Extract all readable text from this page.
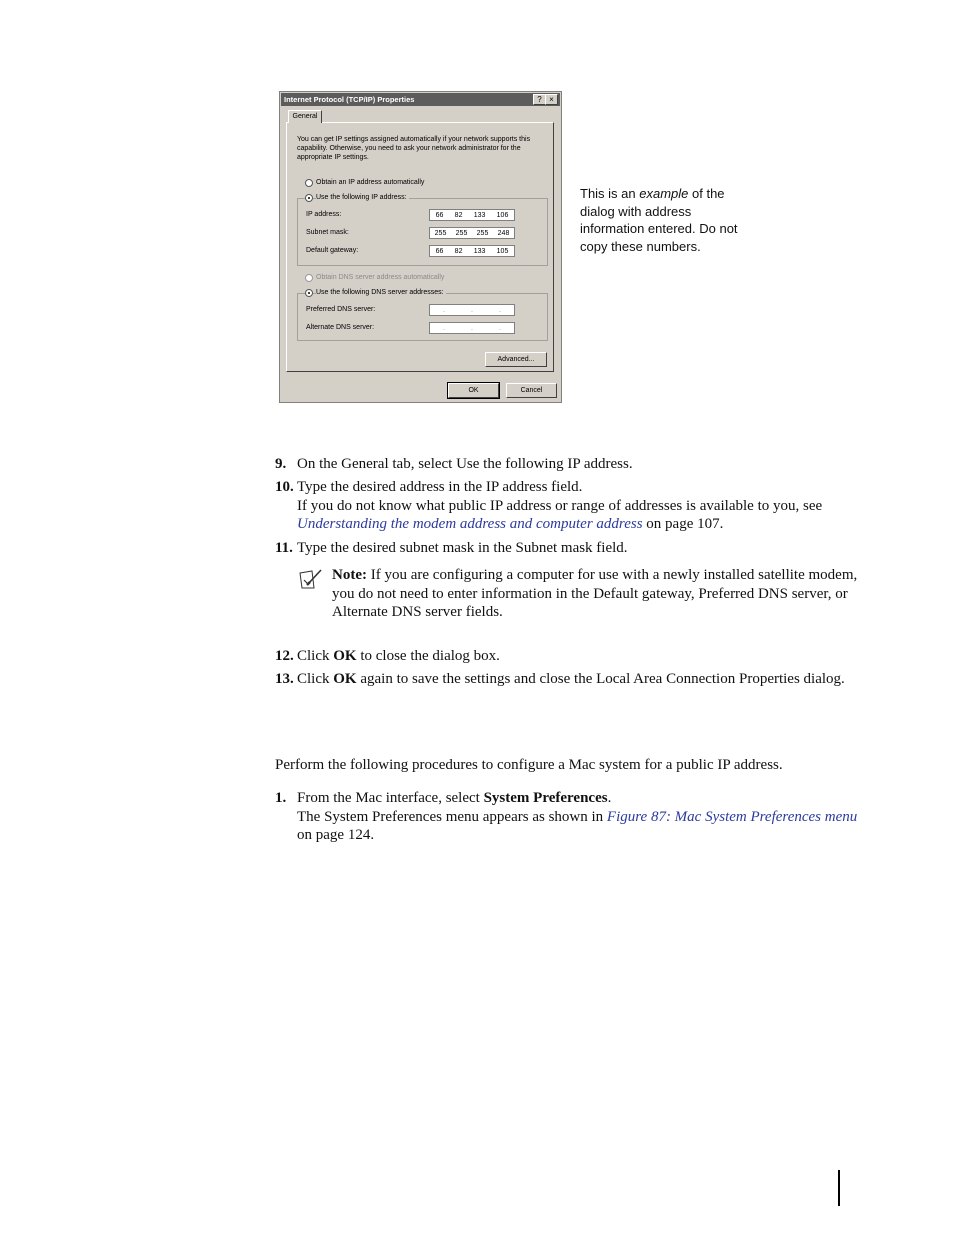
Internet Protocol (TCP/IP) Properties	? ×
General
You can get IP settings assigned automatically if your network supports this capability. Otherwise, you need to ask your network administrator for the appropriate IP settings.
Obtain an IP address automatically
Use the following IP address:
IP address:	66 82 133 106
Subnet mask:	255 255 255 248
Default gateway:	66 82 133 105
Obtain DNS server address automatically
Use the following DNS server addresses:
Preferred DNS server:	.	.	.
Alternate DNS server:	.	.	.
Advanced...
OK	Cancel
This is an example of the dialog with address information entered. Do not copy these numbers.
9. On the General tab, select Use the following IP address.
10. Type the desired address in the IP address field.
If you do not know what public IP address or range of addresses is available to you, see
Understanding the modem address and computer address on page 107.
11. Type the desired subnet mask in the Subnet mask field.
Note: If you are configuring a computer for use with a newly installed satellite modem, you do not need to enter information in the Default gateway, Preferred DNS server, or Alternate DNS server fields.
12. Click OK to close the dialog box.
13. Click OK again to save the settings and close the Local Area Connection Properties dialog.
Perform the following procedures to configure a Mac system for a public IP address.
1. From the Mac interface, select System Preferences.
The System Preferences menu appears as shown in Figure 87: Mac System Preferences menu
on page 124.
